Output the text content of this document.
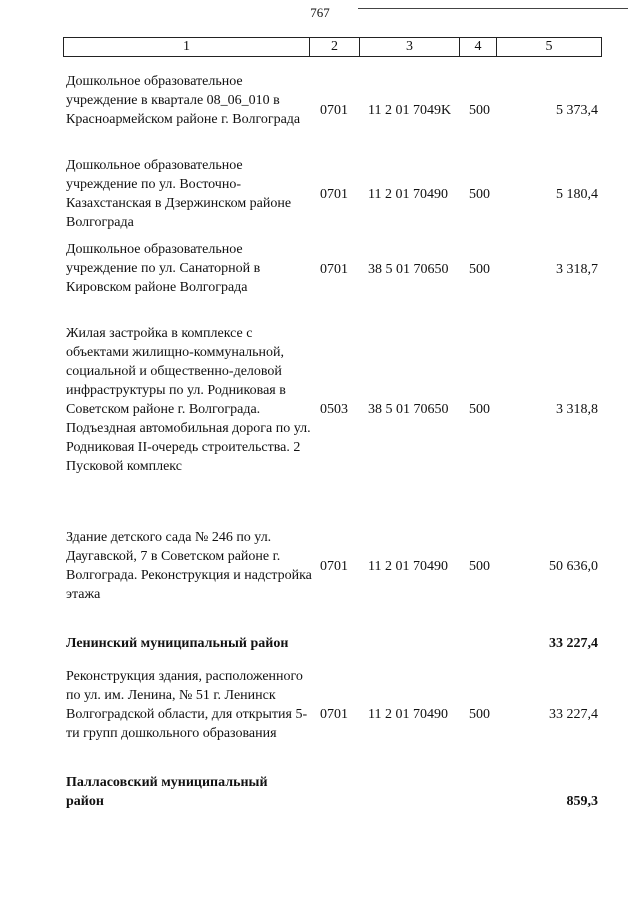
767
1	2	3	4	5
Дошкольное образовательное учреждение в квартале 08_06_010 в Красноармейском районе г. Волгограда
0701	11 2 01 7049K	500	5 373,4
Дошкольное образовательное учреждение по ул. Восточно-Казахстанская в Дзержинском районе Волгограда
0701	11 2 01 70490	500	5 180,4
Дошкольное образовательное учреждение по ул. Санаторной в Кировском районе Волгограда
0701	38 5 01 70650	500	3 318,7
Жилая застройка в комплексе с объектами жилищно-коммунальной, социальной и общественно-деловой инфраструктуры по ул. Родниковая в Советском районе г. Волгограда. Подъездная автомобильная дорога по ул. Родниковая II-очередь строительства. 2 Пусковой комплекс
0503	38 5 01 70650	500	3 318,8
Здание детского сада № 246 по ул. Даугавской, 7 в Советском районе г. Волгограда. Реконструкция и надстройка этажа
0701	11 2 01 70490	500	50 636,0
Ленинский муниципальный район	33 227,4
Реконструкция здания, расположенного по ул. им. Ленина, № 51 г. Ленинск Волгоградской области, для открытия 5-ти групп дошкольного образования
0701	11 2 01 70490	500	33 227,4
Палласовский муниципальный район	859,3
